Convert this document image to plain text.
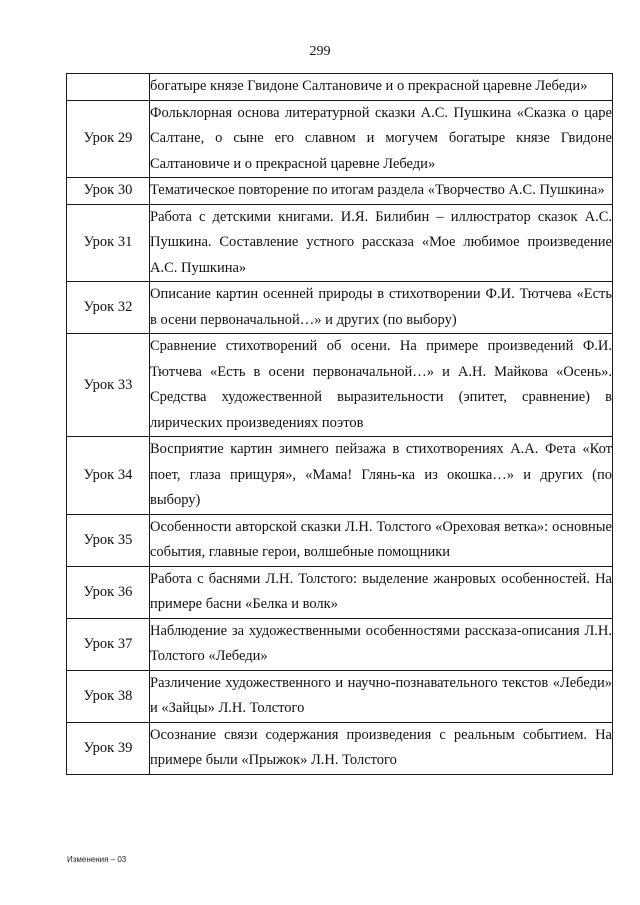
299
	богатыре князе Гвидоне Салтановиче и о прекрасной царевне Лебеди»
Урок 29	Фольклорная основа литературной сказки А.С. Пушкина «Сказка о царе Салтане, о сыне его славном и могучем богатыре князе Гвидоне Салтановиче и о прекрасной царевне Лебеди»
Урок 30	Тематическое повторение по итогам раздела «Творчество А.С. Пушкина»
Урок 31	Работа с детскими книгами. И.Я. Билибин – иллюстратор сказок А.С. Пушкина. Составление устного рассказа «Мое любимое произведение А.С. Пушкина»
Урок 32	Описание картин осенней природы в стихотворении Ф.И. Тютчева «Есть в осени первоначальной…» и других (по выбору)
Урок 33	Сравнение стихотворений об осени. На примере произведений Ф.И. Тютчева «Есть в осени первоначальной…» и А.Н. Майкова «Осень». Средства художественной выразительности (эпитет, сравнение) в лирических произведениях поэтов
Урок 34	Восприятие картин зимнего пейзажа в стихотворениях А.А. Фета «Кот поет, глаза прищуря», «Мама! Глянь-ка из окошка…» и других (по выбору)
Урок 35	Особенности авторской сказки Л.Н. Толстого «Ореховая ветка»: основные события, главные герои, волшебные помощники
Урок 36	Работа с баснями Л.Н. Толстого: выделение жанровых особенностей. На примере басни «Белка и волк»
Урок 37	Наблюдение за художественными особенностями рассказа-описания Л.Н. Толстого «Лебеди»
Урок 38	Различение художественного и научно-познавательного текстов «Лебеди» и «Зайцы» Л.Н. Толстого
Урок 39	Осознание связи содержания произведения с реальным событием. На примере были «Прыжок» Л.Н. Толстого
Изменения – 03
